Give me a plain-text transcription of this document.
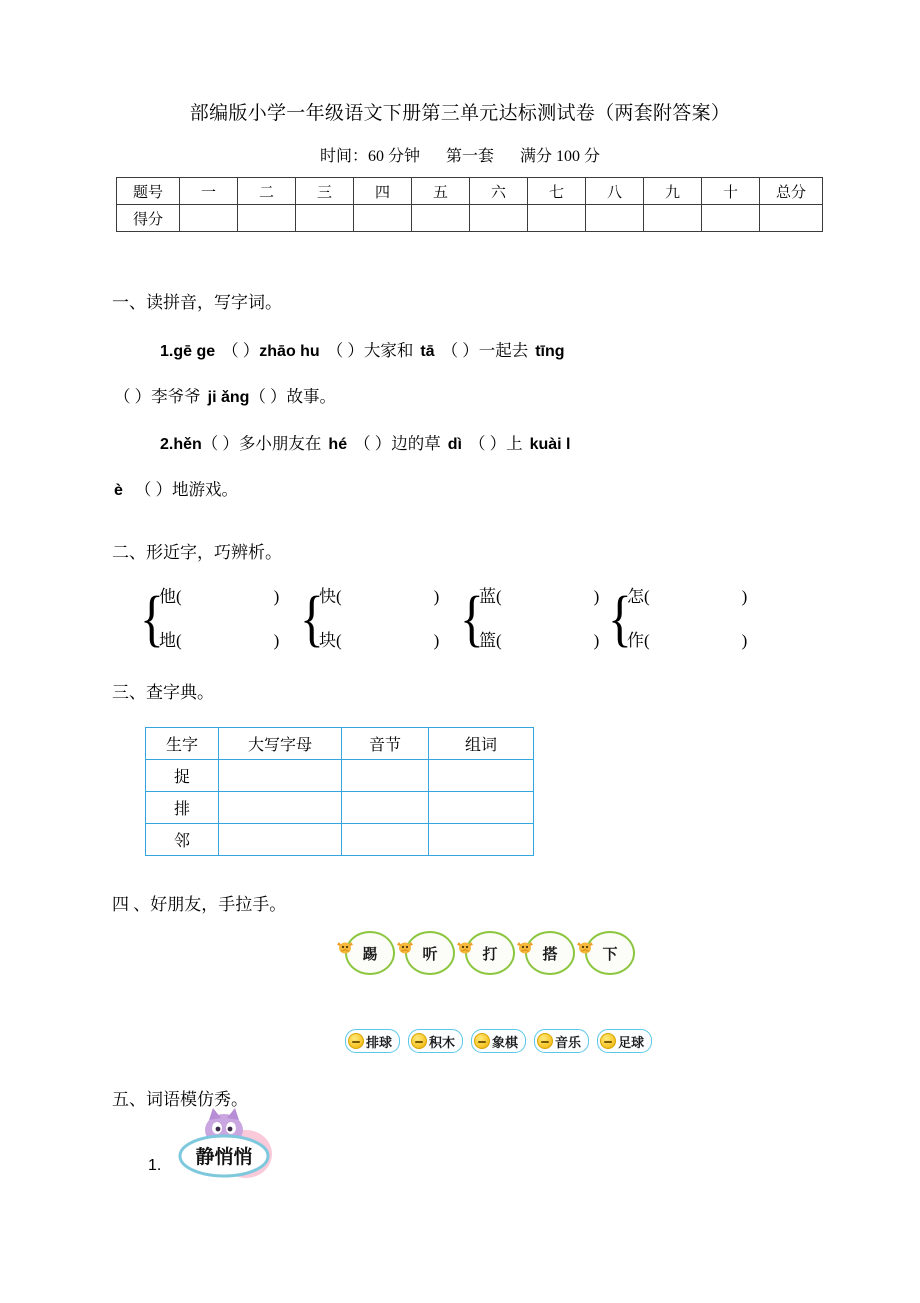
部编版小学一年级语文下册第三单元达标测试卷（两套附答案）
时间：60 分钟 第一套 满分 100 分
题号	一	二	三	四	五	六	七	八	九	十	总分
得分											
一、读拼音，写字词。
1.gē ge （ ）zhāo hu （ ）大家和 tā （ ）一起去 tīng
（ ）李爷爷 ji ǎng（ ）故事。
2.hěn（ ）多小朋友在 hé （ ）边的草 dì （ ）上 kuài l
è （ ）地游戏。
二、形近字，巧辨析。
{
他(	)
地(	) {
快(	)
块(	) {
蓝(	)
篮(	) {
怎(	)
作(	)
三、查字典。
生字	大写字母	音节	组词
捉			
排			
邻			
四 、好朋友，手拉手。
踢	听	打	搭	下
排球	积木	象棋	音乐	足球
五、词语模仿秀。
1. 静悄悄
